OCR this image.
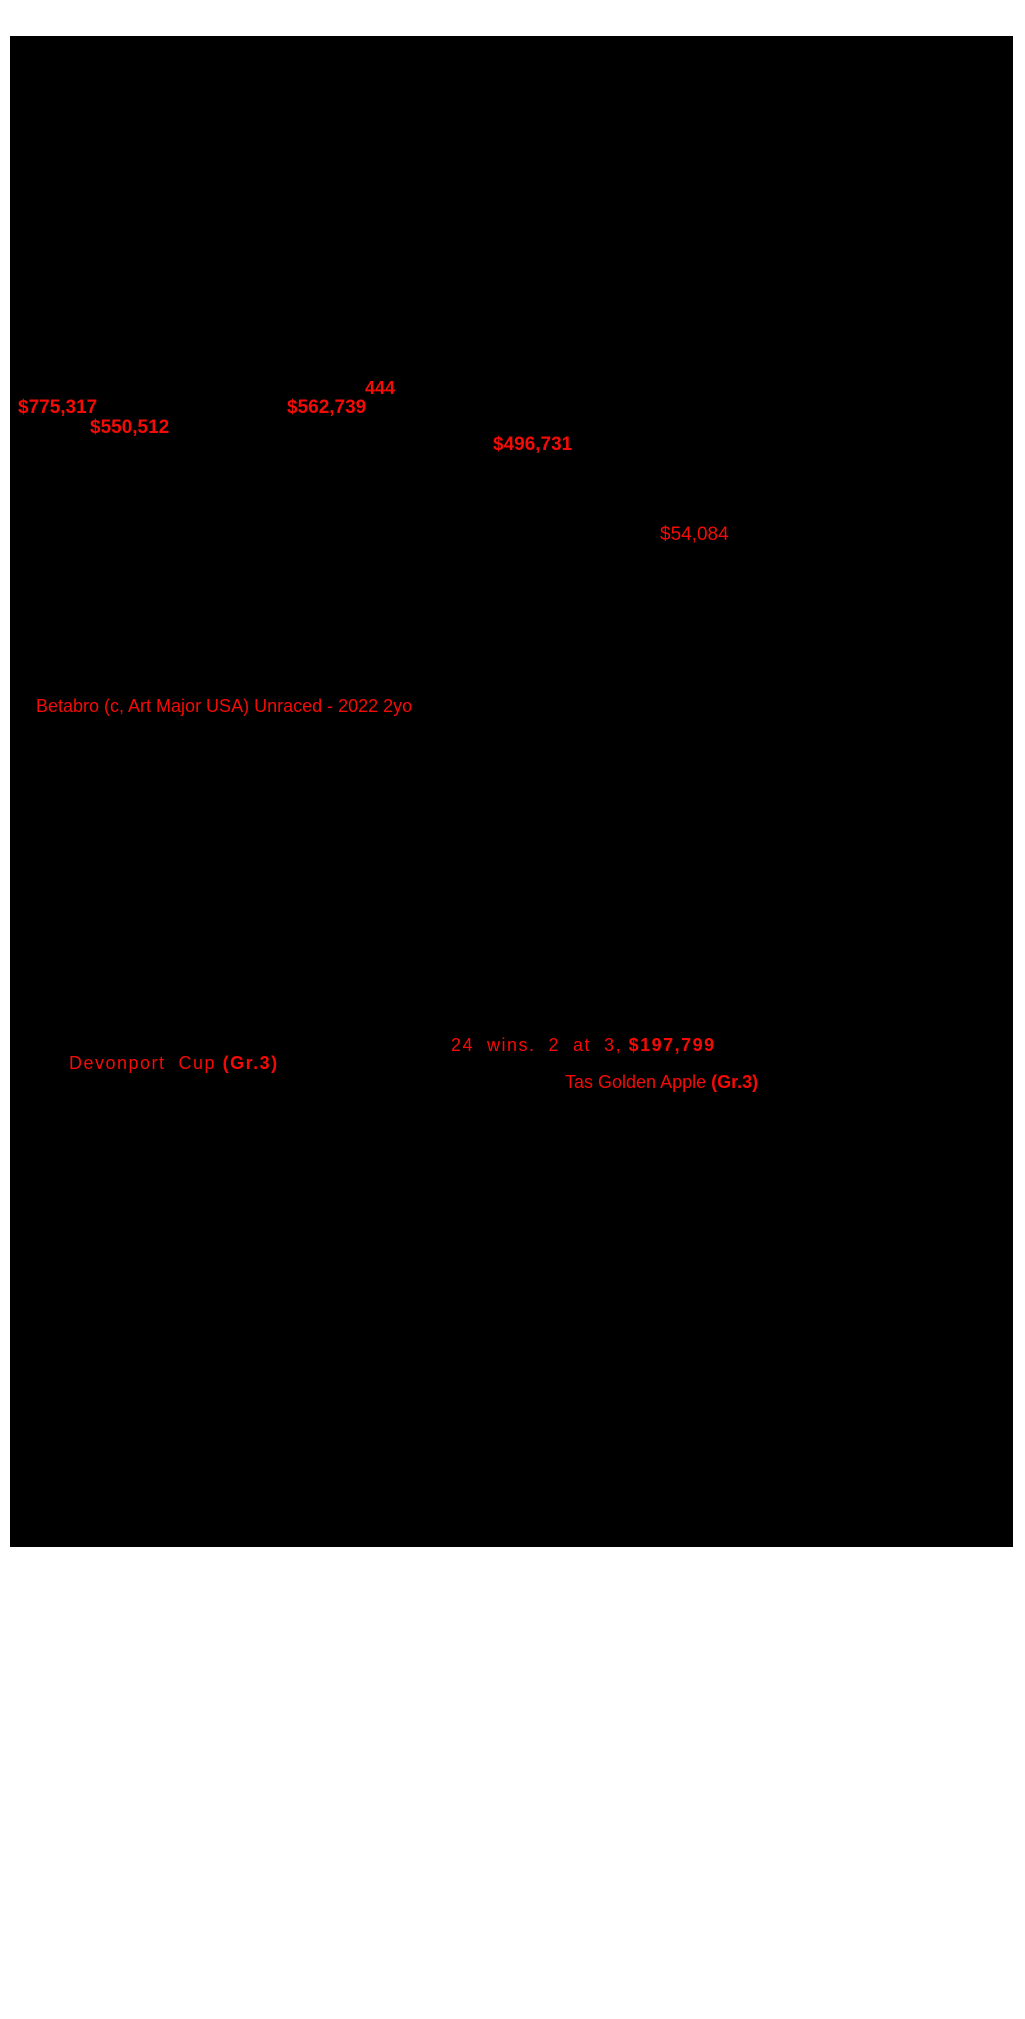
444
$775,317	$562,739
$550,512
$496,731
$54,084
Betabro (c, Art Major USA) Unraced - 2022 2yo
Devonport  Cup (Gr.3)
24  wins.  2  at  3, $197,799
Tas Golden Apple (Gr.3)
